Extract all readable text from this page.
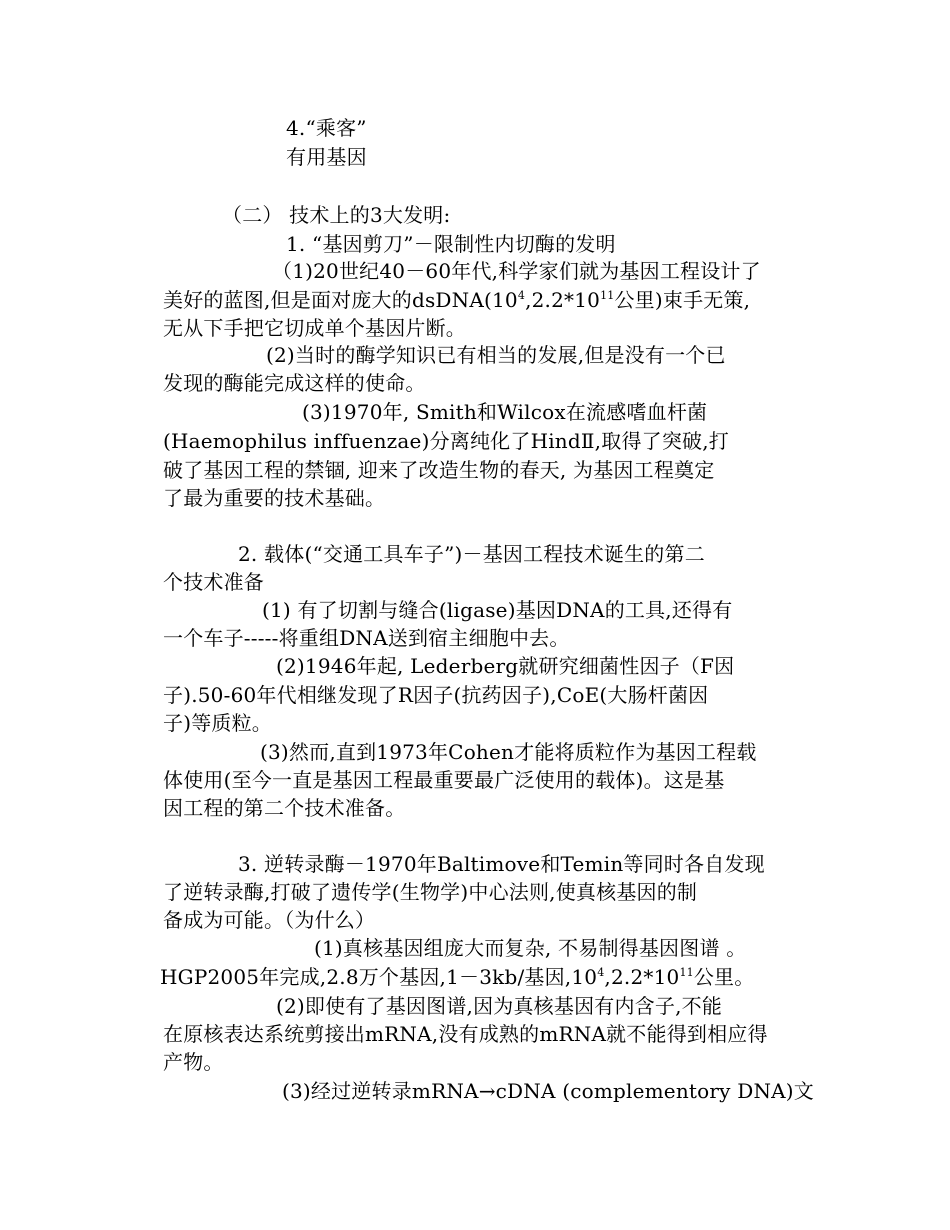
4.“乘客”
有用基因
（二） 技术上的3大发明:
1. “基因剪刀”－限制性内切酶的发明
（1)20世纪40－60年代,科学家们就为基因工程设计了
美好的蓝图,但是面对庞大的$dsDNA(10^4,2.2*10^{11}$公里)束手无策,
无从下手把它切成单个基因片断。
(2)当时的酶学知识已有相当的发展,但是没有一个已
发现的酶能完成这样的使命。
(3)1970年, Smith和Wilcox在流感嗜血杆菌
(Haemophilus inffuenzae)分离纯化了HindⅡ,取得了突破,打
破了基因工程的禁锢, 迎来了改造生物的春天, 为基因工程奠定
了最为重要的技术基础。
2. 载体(“交通工具车子”)－基因工程技术诞生的第二
个技术准备
(1) 有了切割与缝合(ligase)基因DNA的工具,还得有
一个车子-----将重组DNA送到宿主细胞中去。
(2)1946年起, Lederberg就研究细菌性因子（F因
子).50-60年代相继发现了R因子(抗药因子),CoE(大肠杆菌因
子)等质粒。
(3)然而,直到1973年Cohen才能将质粒作为基因工程载
体使用(至今一直是基因工程最重要最广泛使用的载体)。这是基
因工程的第二个技术准备。
3. 逆转录酶－1970年Baltimove和Temin等同时各自发现
了逆转录酶,打破了遗传学(生物学)中心法则,使真核基因的制
备成为可能。（为什么）
(1)真核基因组庞大而复杂, 不易制得基因图谱 。
HGP2005年完成,2.8万个基因,1－3kb/基因$,10^4,2.2*10^{11}$公里。
(2)即使有了基因图谱,因为真核基因有内含子,不能
在原核表达系统剪接出mRNA,没有成熟的mRNA就不能得到相应得
产物。
(3)经过逆转录mRNA→cDNA (complementory DNA)文
